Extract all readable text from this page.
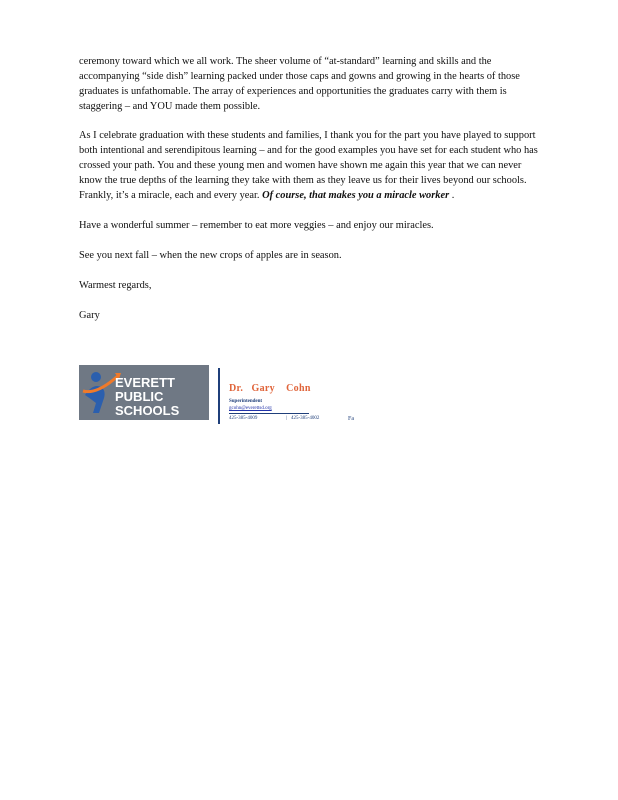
ceremony toward which we all work. The sheer volume of “at-standard” learning and skills and the accompanying “side dish” learning packed under those caps and gowns and growing in the hearts of those graduates is unfathomable. The array of experiences and opportunities the graduates carry with them is staggering – and YOU made them possible.

As I celebrate graduation with these students and families, I thank you for the part you have played to support both intentional and serendipitous learning – and for the good examples you have set for each student who has crossed your path. You and these young men and women have shown me again this year that we can never know the true depths of the learning they take with them as they leave us for their lives beyond our schools. Frankly, it’s a miracle, each and every year. Of course, that makes you a miracle worker .

Have a wonderful summer – remember to eat more veggies – and enjoy our miracles.

See you next fall – when the new crops of apples are in season.

Warmest regards,

Gary

EVERETT
PUBLIC
SCHOOLS
Dr.   Gary    Cohn
Superintendent
gcohn@everettsd.org
425-385-4009	| 425-385-4002	Fa
